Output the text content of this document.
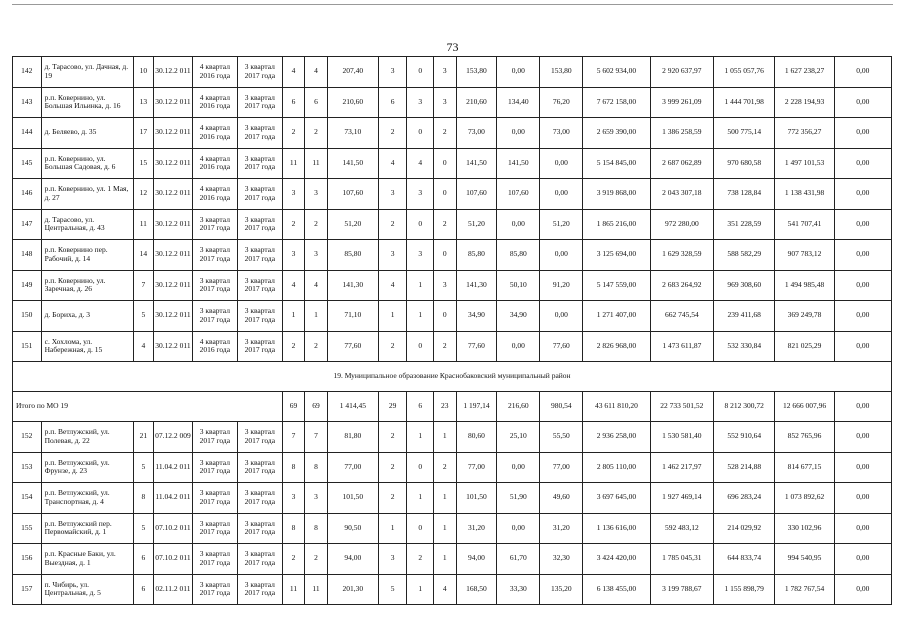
73
142	д. Тарасово, ул. Дачная, д. 19	10	30.12.2 011	4 квартал 2016 года	3 квартал 2017 года	4	4	207,40	3	0	3	153,80	0,00	153,80	5 602 934,00	2 920 637,97	1 055 057,76	1 627 238,27	0,00
143	р.п. Ковернино, ул. Большая Ильинка, д. 16	13	30.12.2 011	4 квартал 2016 года	3 квартал 2017 года	6	6	210,60	6	3	3	210,60	134,40	76,20	7 672 158,00	3 999 261,09	1 444 701,98	2 228 194,93	0,00
144	д. Беляево, д. 35	17	30.12.2 011	4 квартал 2016 года	3 квартал 2017 года	2	2	73,10	2	0	2	73,00	0,00	73,00	2 659 390,00	1 386 258,59	500 775,14	772 356,27	0,00
145	р.п. Ковернино, ул. Большая Садовая, д. 6	15	30.12.2 011	4 квартал 2016 года	3 квартал 2017 года	11	11	141,50	4	4	0	141,50	141,50	0,00	5 154 845,00	2 687 062,89	970 680,58	1 497 101,53	0,00
146	р.п. Ковернино, ул. 1 Мая, д. 27	12	30.12.2 011	4 квартал 2016 года	3 квартал 2017 года	3	3	107,60	3	3	0	107,60	107,60	0,00	3 919 868,00	2 043 307,18	738 128,84	1 138 431,98	0,00
147	д. Тарасово, ул. Центральная, д. 43	11	30.12.2 011	3 квартал 2017 года	3 квартал 2017 года	2	2	51,20	2	0	2	51,20	0,00	51,20	1 865 216,00	972 280,00	351 228,59	541 707,41	0,00
148	р.п. Ковернино пер. Рабочий, д. 14	14	30.12.2 011	3 квартал 2017 года	3 квартал 2017 года	3	3	85,80	3	3	0	85,80	85,80	0,00	3 125 694,00	1 629 328,59	588 582,29	907 783,12	0,00
149	р.п. Ковернино, ул. Заречная, д. 26	7	30.12.2 011	3 квартал 2017 года	3 квартал 2017 года	4	4	141,30	4	1	3	141,30	50,10	91,20	5 147 559,00	2 683 264,92	969 308,60	1 494 985,48	0,00
150	д. Бориха, д. 3	5	30.12.2 011	3 квартал 2017 года	3 квартал 2017 года	1	1	71,10	1	1	0	34,90	34,90	0,00	1 271 407,00	662 745,54	239 411,68	369 249,78	0,00
151	с. Хохлома, ул. Набережная, д. 15	4	30.12.2 011	4 квартал 2016 года	3 квартал 2017 года	2	2	77,60	2	0	2	77,60	0,00	77,60	2 826 968,00	1 473 611,87	532 330,84	821 025,29	0,00
19. Муниципальное образование Краснобаковский муниципальный район																			
Итого по МО 19						69	69	1 414,45	29	6	23	1 197,14	216,60	980,54	43 611 810,20	22 733 501,52	8 212 300,72	12 666 007,96	0,00
152	р.п. Ветлужский, ул. Полевая, д. 22	21	07.12.2 009	3 квартал 2017 года	3 квартал 2017 года	7	7	81,80	2	1	1	80,60	25,10	55,50	2 936 258,00	1 530 581,40	552 910,64	852 765,96	0,00
153	р.п. Ветлужский, ул. Фрунзе, д. 23	5	11.04.2 011	3 квартал 2017 года	3 квартал 2017 года	8	8	77,00	2	0	2	77,00	0,00	77,00	2 805 110,00	1 462 217,97	528 214,88	814 677,15	0,00
154	р.п. Ветлужский, ул. Транспортная, д. 4	8	11.04.2 011	3 квартал 2017 года	3 квартал 2017 года	3	3	101,50	2	1	1	101,50	51,90	49,60	3 697 645,00	1 927 469,14	696 283,24	1 073 892,62	0,00
155	р.п. Ветлужский пер. Первомайский, д. 1	5	07.10.2 011	3 квартал 2017 года	3 квартал 2017 года	8	8	90,50	1	0	1	31,20	0,00	31,20	1 136 616,00	592 483,12	214 029,92	330 102,96	0,00
156	р.п. Красные Баки, ул. Выездная, д. 1	6	07.10.2 011	3 квартал 2017 года	3 квартал 2017 года	2	2	94,00	3	2	1	94,00	61,70	32,30	3 424 420,00	1 785 045,31	644 833,74	994 540,95	0,00
157	п. Чибирь, ул. Центральная, д. 5	6	02.11.2 011	3 квартал 2017 года	3 квартал 2017 года	11	11	201,30	5	1	4	168,50	33,30	135,20	6 138 455,00	3 199 788,67	1 155 898,79	1 782 767,54	0,00
